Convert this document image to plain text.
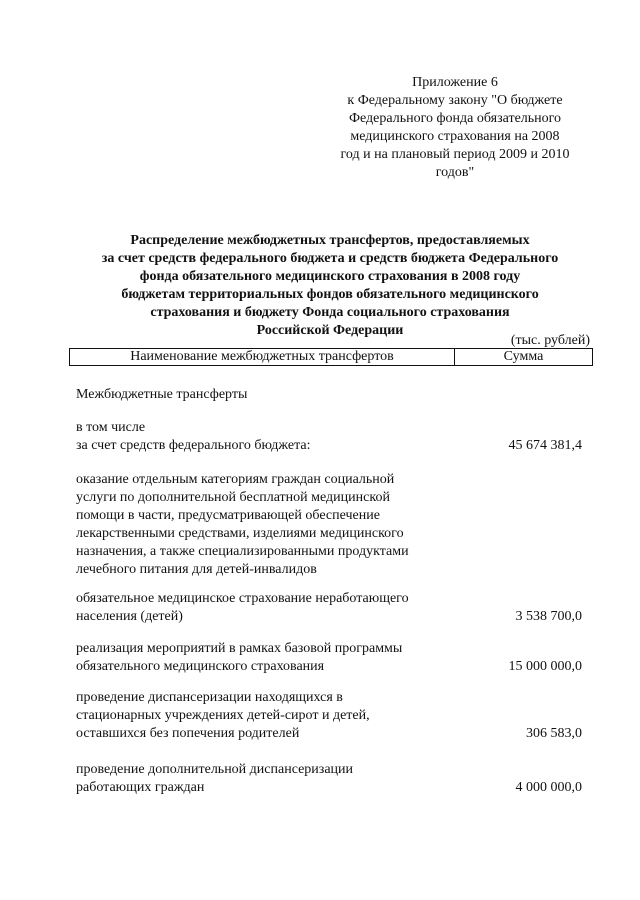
Приложение 6
к Федеральному закону "О бюджете
Федерального фонда обязательного
медицинского страхования на 2008
год и на плановый период 2009 и 2010
годов"
Распределение межбюджетных трансфертов, предоставляемых
за счет средств федерального бюджета и средств бюджета Федерального
фонда обязательного медицинского страхования в 2008 году
бюджетам территориальных фондов обязательного медицинского
страхования и бюджету Фонда социального страхования
Российской Федерации
(тыс. рублей)
Наименование межбюджетных трансфертов	Сумма
Межбюджетные трансферты
в том числе
за счет средств федерального бюджета:	45 674 381,4
оказание отдельным категориям граждан социальной
услуги по дополнительной бесплатной медицинской
помощи в части, предусматривающей обеспечение
лекарственными средствами, изделиями медицинского
назначения, а также специализированными продуктами
лечебного питания для детей-инвалидов
обязательное медицинское страхование неработающего
населения (детей)	3 538 700,0
реализация мероприятий в рамках базовой программы
обязательного медицинского страхования	15 000 000,0
проведение диспансеризации находящихся в
стационарных учреждениях детей-сирот и детей,
оставшихся без попечения родителей	306 583,0
проведение дополнительной диспансеризации
работающих граждан	4 000 000,0
